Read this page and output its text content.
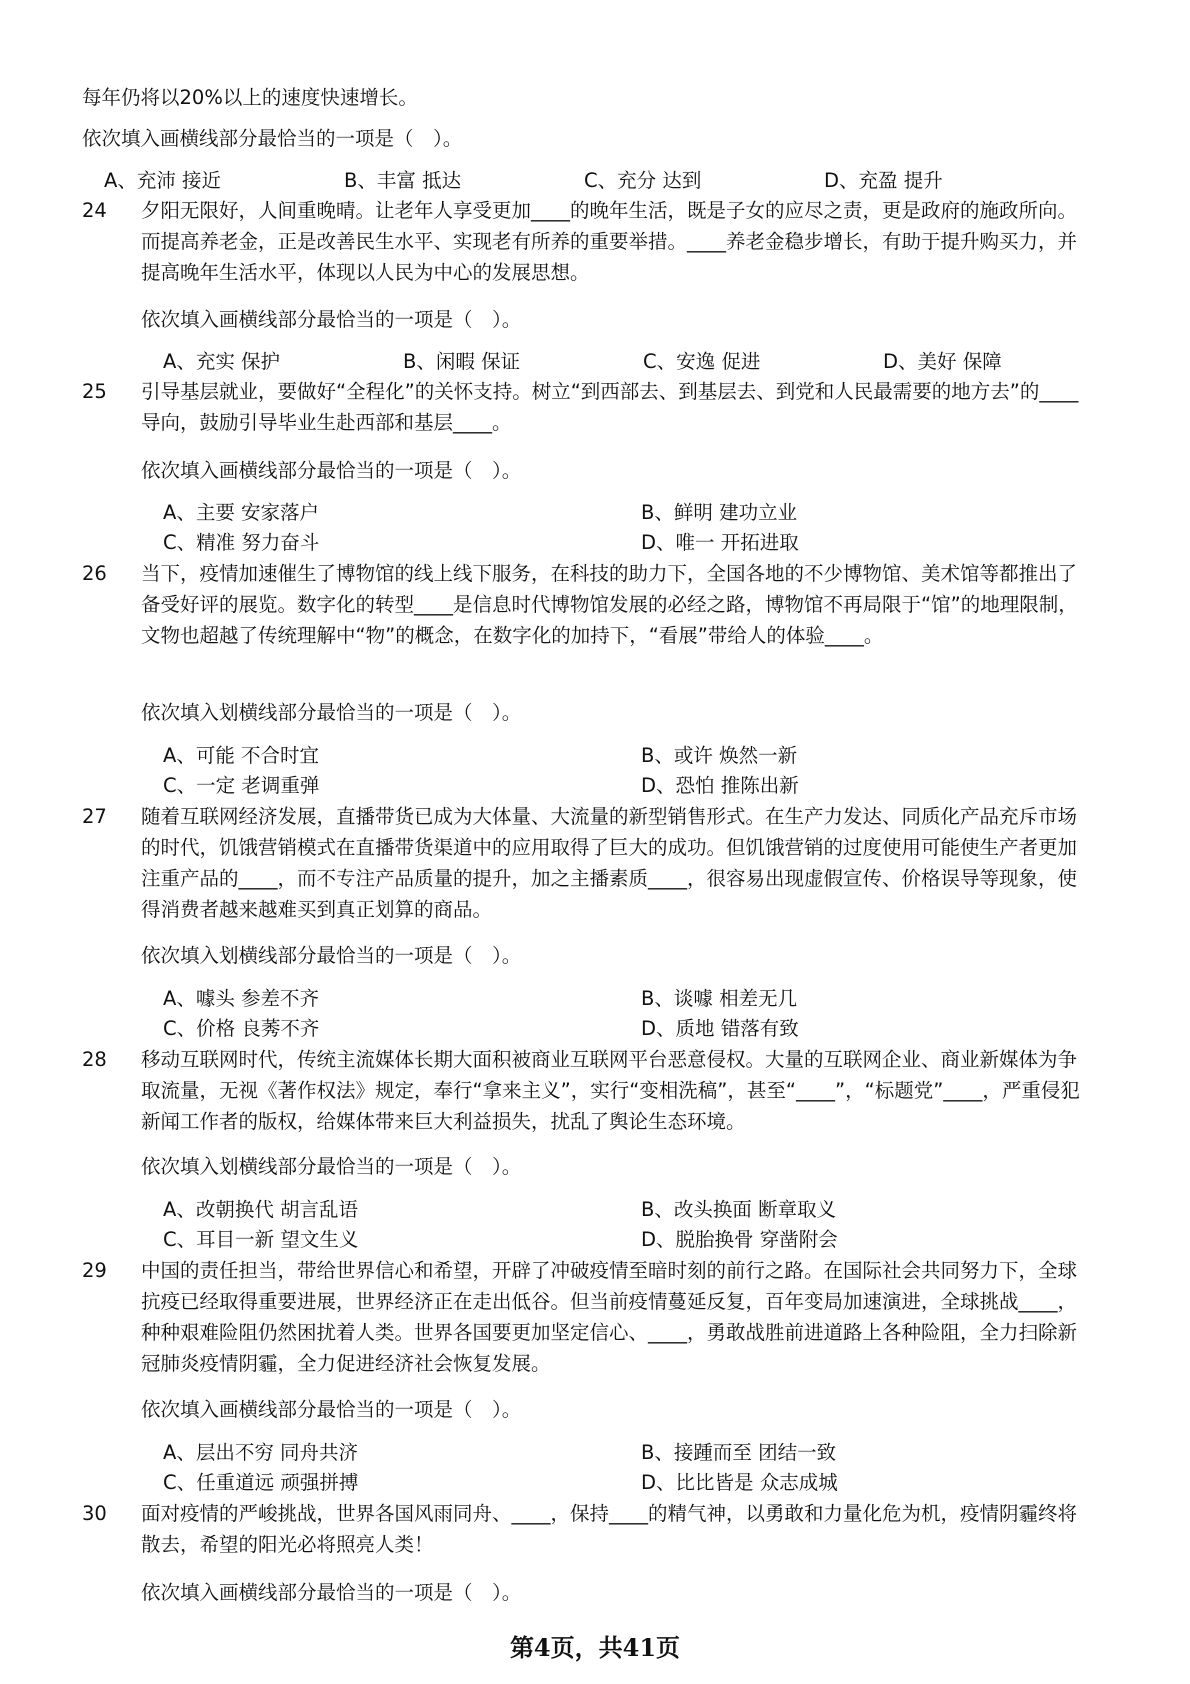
每年仍将以20%以上的速度快速增长。
依次填入画横线部分最恰当的一项是（　）。
A、充沛 接近	B、丰富 抵达	C、充分 达到	D、充盈 提升
24	夕阳无限好，人间重晚晴。让老年人享受更加____的晚年生活，既是子女的应尽之责，更是政府的施政所向。而提高养老金，正是改善民生水平、实现老有所养的重要举措。____养老金稳步增长，有助于提升购买力，并提高晚年生活水平，体现以人民为中心的发展思想。
依次填入画横线部分最恰当的一项是（　）。
A、充实 保护	B、闲暇 保证	C、安逸 促进	D、美好 保障
25	引导基层就业，要做好“全程化”的关怀支持。树立“到西部去、到基层去、到党和人民最需要的地方去”的____导向，鼓励引导毕业生赴西部和基层____。
依次填入画横线部分最恰当的一项是（　）。
A、主要 安家落户	B、鲜明 建功立业
C、精准 努力奋斗	D、唯一 开拓进取
26	当下，疫情加速催生了博物馆的线上线下服务，在科技的助力下，全国各地的不少博物馆、美术馆等都推出了备受好评的展览。数字化的转型____是信息时代博物馆发展的必经之路，博物馆不再局限于“馆”的地理限制，文物也超越了传统理解中“物”的概念，在数字化的加持下，“看展”带给人的体验____。
依次填入划横线部分最恰当的一项是（　）。
A、可能 不合时宜	B、或许 焕然一新
C、一定 老调重弹	D、恐怕 推陈出新
27	随着互联网经济发展，直播带货已成为大体量、大流量的新型销售形式。在生产力发达、同质化产品充斥市场的时代，饥饿营销模式在直播带货渠道中的应用取得了巨大的成功。但饥饿营销的过度使用可能使生产者更加注重产品的____，而不专注产品质量的提升，加之主播素质____，很容易出现虚假宣传、价格误导等现象，使得消费者越来越难买到真正划算的商品。
依次填入划横线部分最恰当的一项是（　）。
A、噱头 参差不齐	B、谈噱 相差无几
C、价格 良莠不齐	D、质地 错落有致
28	移动互联网时代，传统主流媒体长期大面积被商业互联网平台恶意侵权。大量的互联网企业、商业新媒体为争取流量，无视《著作权法》规定，奉行“拿来主义”，实行“变相洗稿”，甚至“____”，“标题党”____，严重侵犯新闻工作者的版权，给媒体带来巨大利益损失，扰乱了舆论生态环境。
依次填入划横线部分最恰当的一项是（　）。
A、改朝换代 胡言乱语	B、改头换面 断章取义
C、耳目一新 望文生义	D、脱胎换骨 穿凿附会
29	中国的责任担当，带给世界信心和希望，开辟了冲破疫情至暗时刻的前行之路。在国际社会共同努力下，全球抗疫已经取得重要进展，世界经济正在走出低谷。但当前疫情蔓延反复，百年变局加速演进，全球挑战____，种种艰难险阻仍然困扰着人类。世界各国要更加坚定信心、____，勇敢战胜前进道路上各种险阻，全力扫除新冠肺炎疫情阴霾，全力促进经济社会恢复发展。
依次填入画横线部分最恰当的一项是（　）。
A、层出不穷 同舟共济	B、接踵而至 团结一致
C、任重道远 顽强拼搏	D、比比皆是 众志成城
30	面对疫情的严峻挑战，世界各国风雨同舟、____，保持____的精气神，以勇敢和力量化危为机，疫情阴霾终将散去，希望的阳光必将照亮人类！
依次填入画横线部分最恰当的一项是（　）。
第4页，共41页
